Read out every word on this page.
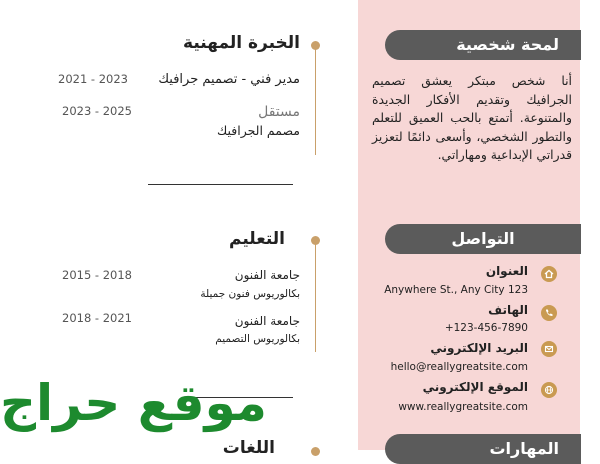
لمحة شخصية
أنا شخص مبتكر يعشق تصميم الجرافيك وتقديم الأفكار الجديدة والمتنوعة. أتمتع بالحب العميق للتعلم والتطور الشخصي، وأسعى دائمًا لتعزيز قدراتي الإبداعية ومهاراتي.
التواصل
العنوان
Anywhere St., Any City 123
الهاتف
+123-456-7890
البريد الإلكتروني
hello@reallygreatsite.com
الموقع الإلكتروني
www.reallygreatsite.com
المهارات
الخبرة المهنية
مدير فني - تصميم جرافيك
2021 - 2023
مستقل
مصمم الجرافيك
2023 - 2025
التعليم
جامعة الفنون
بكالوريوس فنون جميلة
2015 - 2018
جامعة الفنون
بكالوريوس التصميم
2018 - 2021
اللغات
موقع حراج
